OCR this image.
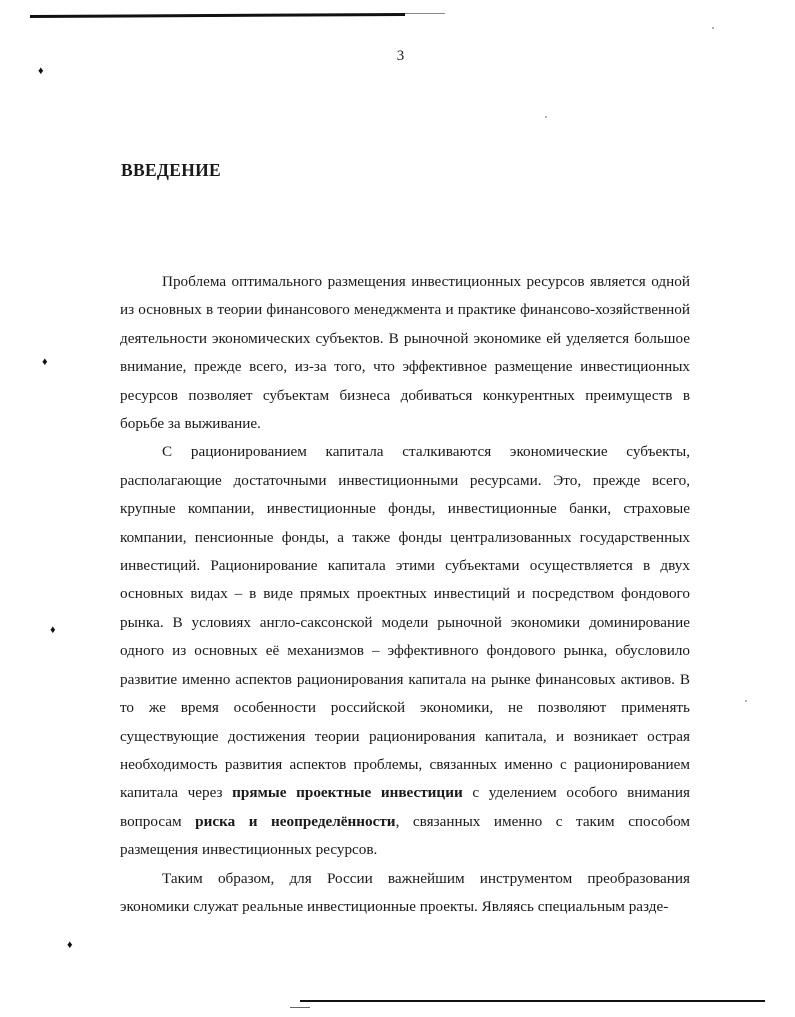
3
ВВЕДЕНИЕ

Проблема оптимального размещения инвестиционных ресурсов является одной из основных в теории финансового менеджмента и практике финансово-хозяйственной деятельности экономических субъектов. В рыночной экономике ей уделяется большое внимание, прежде всего, из-за того, что эффективное размещение инвестиционных ресурсов позволяет субъектам бизнеса добиваться конкурентных преимуществ в борьбе за выживание.

С рационированием капитала сталкиваются экономические субъекты, располагающие достаточными инвестиционными ресурсами. Это, прежде всего, крупные компании, инвестиционные фонды, инвестиционные банки, страховые компании, пенсионные фонды, а также фонды централизованных государственных инвестиций. Рационирование капитала этими субъектами осуществляется в двух основных видах – в виде прямых проектных инвестиций и посредством фондового рынка. В условиях англо-саксонской модели рыночной экономики доминирование одного из основных её механизмов – эффективного фондового рынка, обусловило развитие именно аспектов рационирования капитала на рынке финансовых активов. В то же время особенности российской экономики, не позволяют применять существующие достижения теории рационирования капитала, и возникает острая необходимость развития аспектов проблемы, связанных именно с рационированием капитала через прямые проектные инвестиции с уделением особого внимания вопросам риска и неопределённости, связанных именно с таким способом размещения инвестиционных ресурсов.

Таким образом, для России важнейшим инструментом преобразования экономики служат реальные инвестиционные проекты. Являясь специальным разде-

♦
♦
♦
♦
